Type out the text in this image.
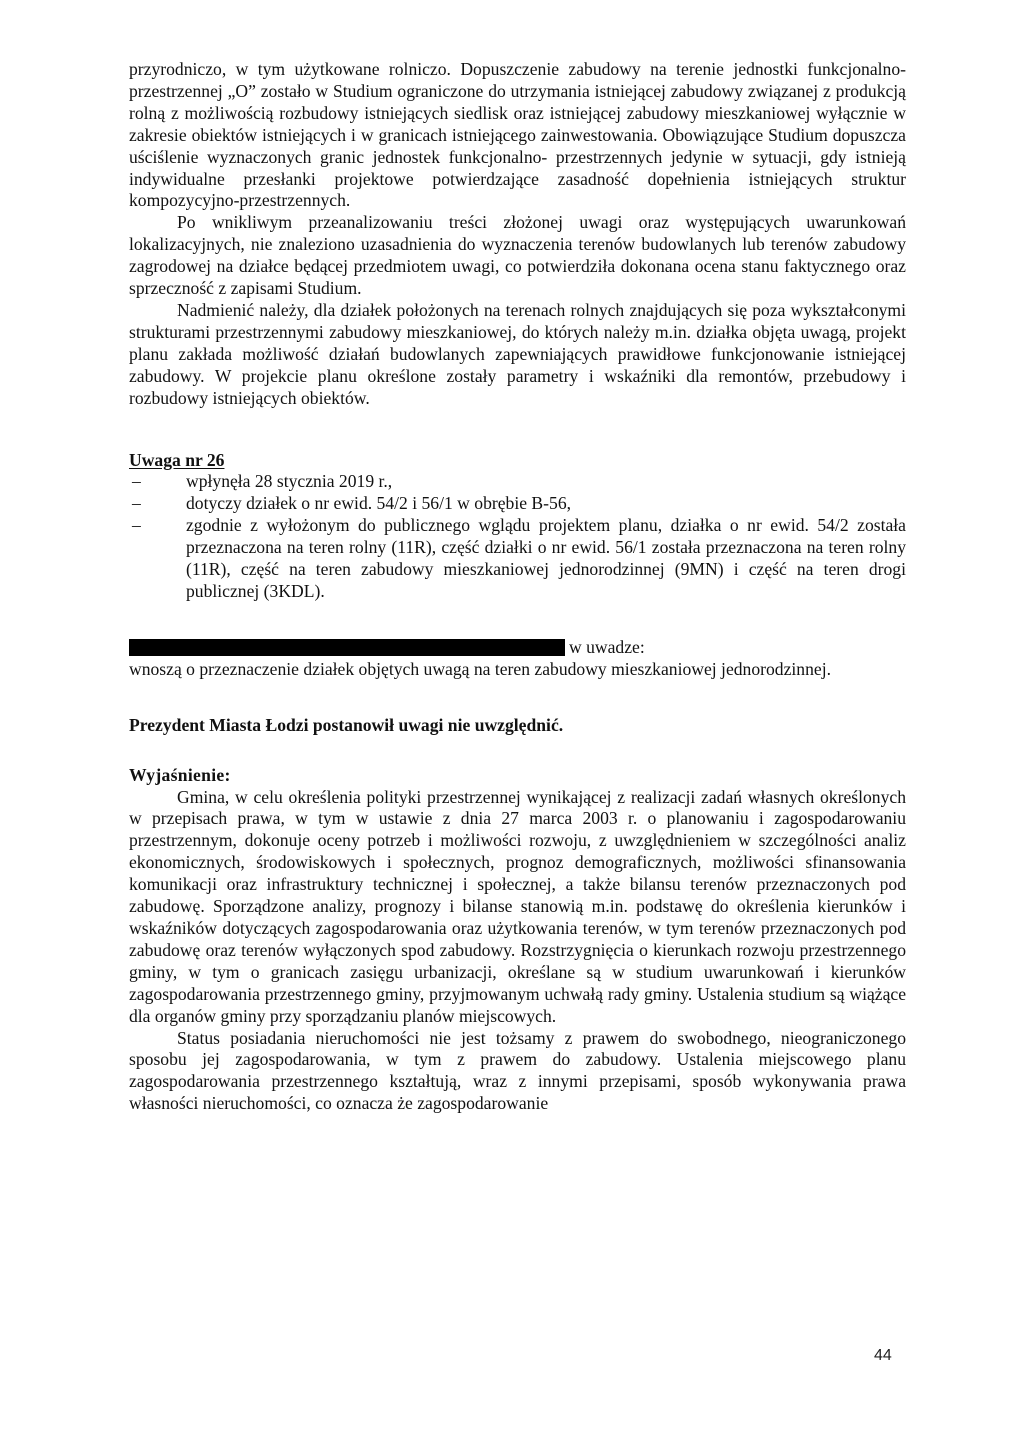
przyrodniczo, w tym użytkowane rolniczo. Dopuszczenie zabudowy na terenie jednostki funkcjonalno-przestrzennej „O” zostało w Studium ograniczone do utrzymania istniejącej zabudowy związanej z produkcją rolną z możliwością rozbudowy istniejących siedlisk oraz istniejącej zabudowy mieszkaniowej wyłącznie w zakresie obiektów istniejących i w granicach istniejącego zainwestowania. Obowiązujące Studium dopuszcza uściślenie wyznaczonych granic jednostek funkcjonalno- przestrzennych jedynie w sytuacji, gdy istnieją indywidualne przesłanki projektowe potwierdzające zasadność dopełnienia istniejących struktur kompozycyjno-przestrzennych.

Po wnikliwym przeanalizowaniu treści złożonej uwagi oraz występujących uwarunkowań lokalizacyjnych, nie znaleziono uzasadnienia do wyznaczenia terenów budowlanych lub terenów zabudowy zagrodowej na działce będącej przedmiotem uwagi, co potwierdziła dokonana ocena stanu faktycznego oraz sprzeczność z zapisami Studium.

Nadmienić należy, dla działek położonych na terenach rolnych znajdujących się poza wykształconymi strukturami przestrzennymi zabudowy mieszkaniowej, do których należy m.in. działka objęta uwagą, projekt planu zakłada możliwość działań budowlanych zapewniających prawidłowe funkcjonowanie istniejącej zabudowy. W projekcie planu określone zostały parametry i wskaźniki dla remontów, przebudowy i rozbudowy istniejących obiektów.

Uwaga nr 26

– wpłynęła 28 stycznia 2019 r.,
– dotyczy działek o nr ewid. 54/2 i 56/1 w obrębie B-56,
– zgodnie z wyłożonym do publicznego wglądu projektem planu, działka o nr ewid. 54/2 została przeznaczona na teren rolny (11R), część działki o nr ewid. 56/1 została przeznaczona na teren rolny (11R), część na teren zabudowy mieszkaniowej jednorodzinnej (9MN) i część na teren drogi publicznej (3KDL).
w uwadze:

wnoszą o przeznaczenie działek objętych uwagą na teren zabudowy mieszkaniowej jednorodzinnej.

Prezydent Miasta Łodzi postanowił uwagi nie uwzględnić.

Wyjaśnienie:

Gmina, w celu określenia polityki przestrzennej wynikającej z realizacji zadań własnych określonych w przepisach prawa, w tym w ustawie z dnia 27 marca 2003 r. o planowaniu i zagospodarowaniu przestrzennym, dokonuje oceny potrzeb i możliwości rozwoju, z uwzględnieniem w szczególności analiz ekonomicznych, środowiskowych i społecznych, prognoz demograficznych, możliwości sfinansowania komunikacji oraz infrastruktury technicznej i społecznej, a także bilansu terenów przeznaczonych pod zabudowę. Sporządzone analizy, prognozy i bilanse stanowią m.in. podstawę do określenia kierunków i wskaźników dotyczących zagospodarowania oraz użytkowania terenów, w tym terenów przeznaczonych pod zabudowę oraz terenów wyłączonych spod zabudowy. Rozstrzygnięcia o kierunkach rozwoju przestrzennego gminy, w tym o granicach zasięgu urbanizacji, określane są w studium uwarunkowań i kierunków zagospodarowania przestrzennego gminy, przyjmowanym uchwałą rady gminy. Ustalenia studium są wiążące dla organów gminy przy sporządzaniu planów miejscowych.

Status posiadania nieruchomości nie jest tożsamy z prawem do swobodnego, nieograniczonego sposobu jej zagospodarowania, w tym z prawem do zabudowy. Ustalenia miejscowego planu zagospodarowania przestrzennego kształtują, wraz z innymi przepisami, sposób wykonywania prawa własności nieruchomości, co oznacza że zagospodarowanie

44
